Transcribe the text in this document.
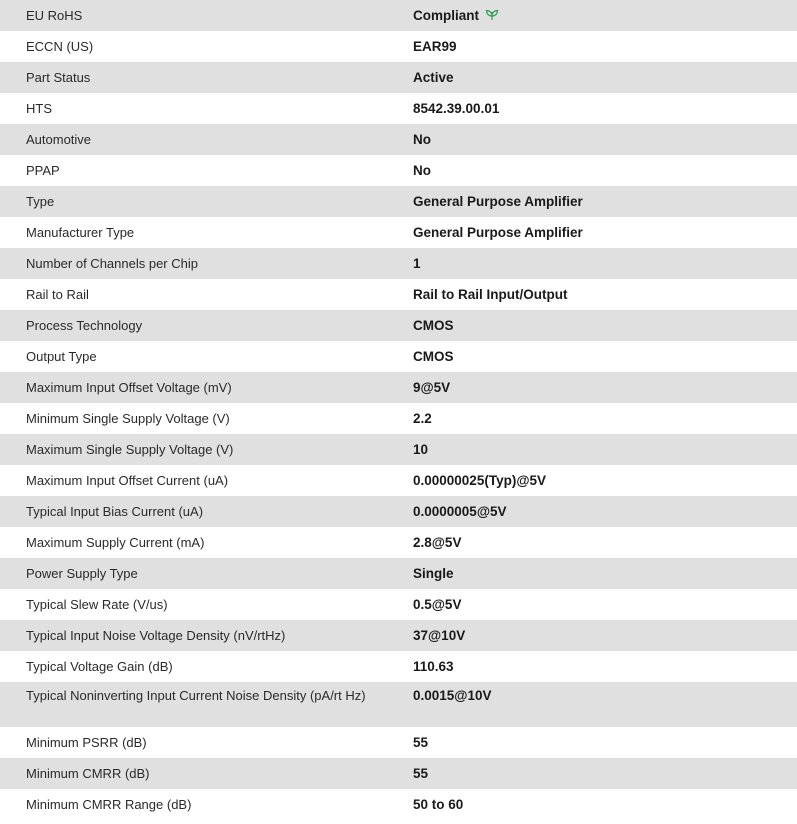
EU RoHS	Compliant
ECCN (US)	EAR99
Part Status	Active
HTS	8542.39.00.01
Automotive	No
PPAP	No
Type	General Purpose Amplifier
Manufacturer Type	General Purpose Amplifier
Number of Channels per Chip	1
Rail to Rail	Rail to Rail Input/Output
Process Technology	CMOS
Output Type	CMOS
Maximum Input Offset Voltage (mV)	9@5V
Minimum Single Supply Voltage (V)	2.2
Maximum Single Supply Voltage (V)	10
Maximum Input Offset Current (uA)	0.00000025(Typ)@5V
Typical Input Bias Current (uA)	0.0000005@5V
Maximum Supply Current (mA)	2.8@5V
Power Supply Type	Single
Typical Slew Rate (V/us)	0.5@5V
Typical Input Noise Voltage Density (nV/rtHz)	37@10V
Typical Voltage Gain (dB)	110.63
Typical Noninverting Input Current Noise Density (pA/rt Hz)	0.0015@10V
Minimum PSRR (dB)	55
Minimum CMRR (dB)	55
Minimum CMRR Range (dB)	50 to 60
